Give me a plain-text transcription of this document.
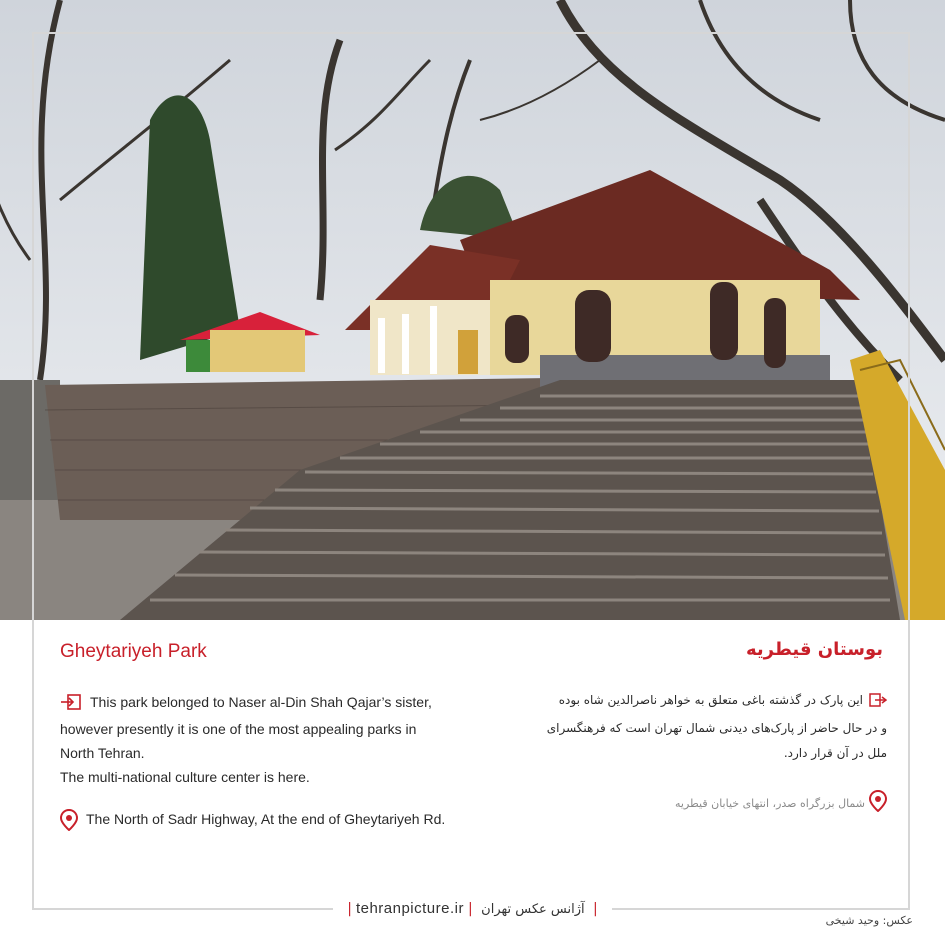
Gheytariyeh Park	بوستان قیطریه
This park belonged to Naser al-Din Shah Qajar’s sister,
however presently it is one of the most appealing parks in
North Tehran.
The multi-national culture center is here.
این پارک در گذشته باغی متعلق به خواهر ناصرالدین شاه بوده
و در حال حاضر از پارک‌های دیدنی شمال تهران است که فرهنگسرای
ملل در آن قرار دارد.
The North of Sadr Highway, At the end of Gheytariyeh Rd.
شمال بزرگراه صدر، انتهای خیابان قیطریه
| tehranpicture.ir | آژانس عکس تهران |
عکس: وحید شیخی
